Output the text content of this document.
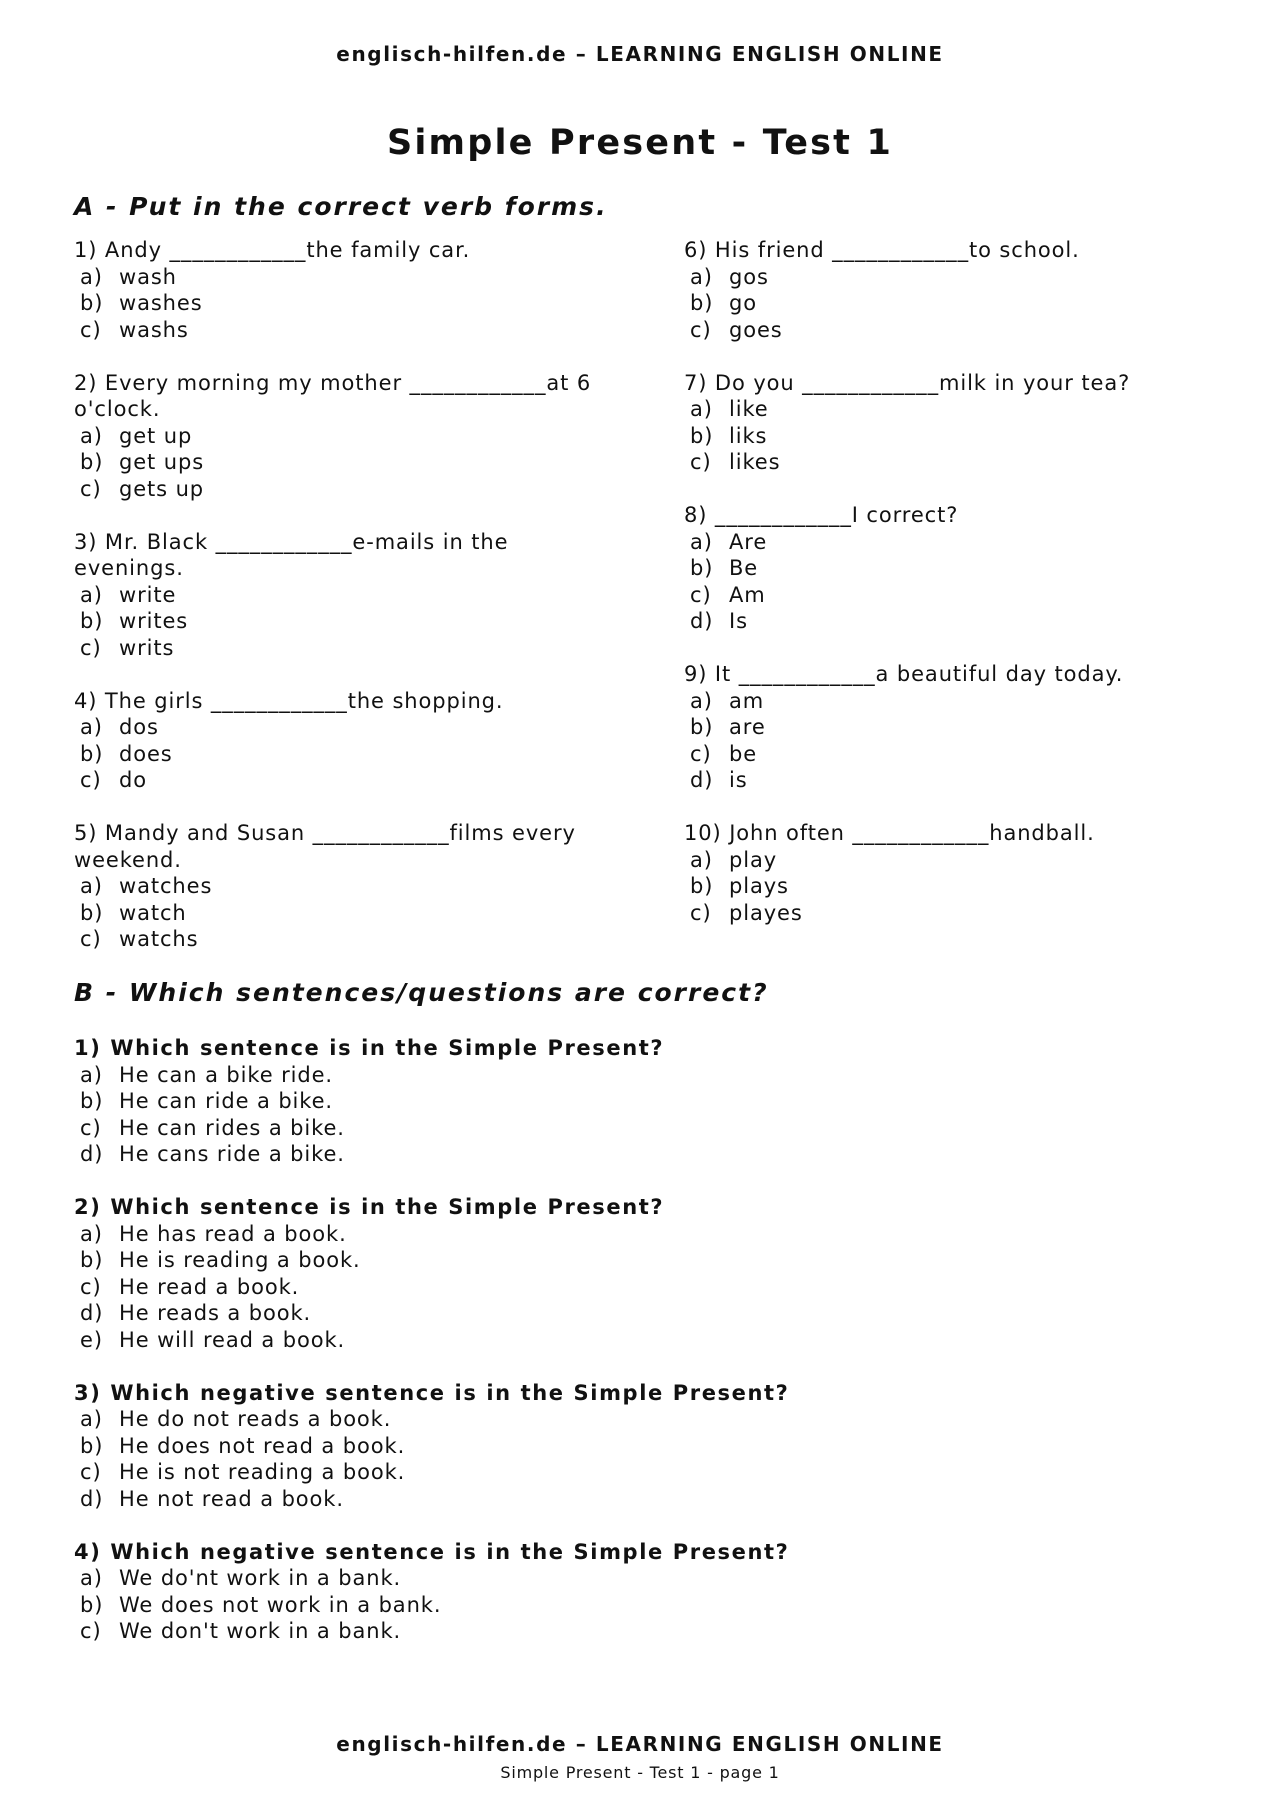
englisch-hilfen.de – LEARNING ENGLISH ONLINE
Simple Present - Test 1
A - Put in the correct verb forms.
1) Andy ____________the family car.
a) wash
b) washes
c) washs
2) Every morning my mother ____________at 6 o'clock.
a) get up
b) get ups
c) gets up
3) Mr. Black ____________e-mails in the evenings.
a) write
b) writes
c) writs
4) The girls ____________the shopping.
a) dos
b) does
c) do
5) Mandy and Susan ____________films every weekend.
a) watches
b) watch
c) watchs
6) His friend ____________to school.
a) gos
b) go
c) goes
7) Do you ____________milk in your tea?
a) like
b) liks
c) likes
8) ____________I correct?
a) Are
b) Be
c) Am
d) Is
9) It ____________a beautiful day today.
a) am
b) are
c) be
d) is
10) John often ____________handball.
a) play
b) plays
c) playes
B - Which sentences/questions are correct?
1) Which sentence is in the Simple Present?
a) He can a bike ride.
b) He can ride a bike.
c) He can rides a bike.
d) He cans ride a bike.
2) Which sentence is in the Simple Present?
a) He has read a book.
b) He is reading a book.
c) He read a book.
d) He reads a book.
e) He will read a book.
3) Which negative sentence is in the Simple Present?
a) He do not reads a book.
b) He does not read a book.
c) He is not reading a book.
d) He not read a book.
4) Which negative sentence is in the Simple Present?
a) We do'nt work in a bank.
b) We does not work in a bank.
c) We don't work in a bank.
englisch-hilfen.de – LEARNING ENGLISH ONLINE
Simple Present - Test 1 - page 1
